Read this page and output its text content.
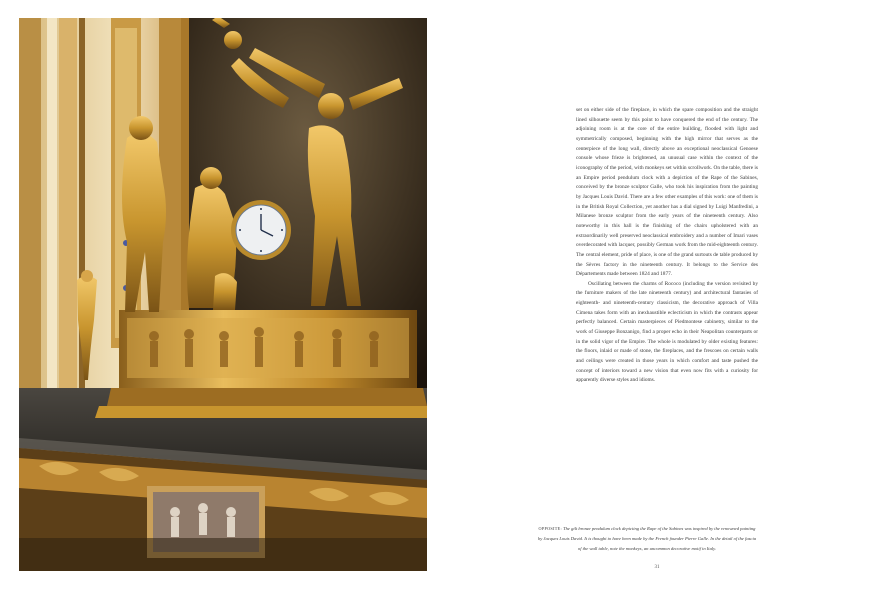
set on either side of the fireplace, in which the spare composition and the straight lined silhouette seem by this point to have conquered the end of the century. The adjoining room is at the core of the entire building, flooded with light and symmetrically composed, beginning with the high mirror that serves as the centerpiece of the long wall, directly above an exceptional neoclassical Genoese console whose frieze is brightened, an unusual case within the context of the iconography of the period, with monkeys set within scrollwork. On the table, there is an Empire period pendulum clock with a depiction of the Rape of the Sabines, conceived by the bronze sculptor Galle, who took his inspiration from the painting by Jacques Louis David. There are a few other examples of this work: one of them is in the British Royal Collection, yet another has a dial signed by Luigi Manfredini, a Milanese bronze sculptor from the early years of the nineteenth century. Also noteworthy in this hall is the finishing of the chairs upholstered with an extraordinarily well preserved neoclassical embroidery and a number of Imari vases overdecorated with lacquer, possibly German work from the mid-eighteenth century. The central element, pride of place, is one of the grand surtouts de table produced by the Sèvres factory in the nineteenth century. It belongs to the Service des Départements made between 1824 and 1877.

Oscillating between the charms of Rococo (including the version revisited by the furniture makers of the late nineteenth century) and architectural fantasies of eighteenth- and nineteenth-century classicism, the decorative approach of Villa Cimena takes form with an inexhaustible eclecticism in which the contrasts appear perfectly balanced. Certain masterpieces of Piedmontese cabinetry, similar to the work of Giuseppe Bonzanigo, find a proper echo in their Neapolitan counterparts or in the solid vigor of the Empire. The whole is modulated by older existing features: the floors, inlaid or made of stone, the fireplaces, and the frescoes on certain walls and ceilings were created in those years in which comfort and taste pushed the concept of interiors toward a new vision that even now fits with a curiosity for apparently diverse styles and idioms.

OPPOSITE: The gilt bronze pendulum clock depicting the Rape of the Sabines was inspired by the renowned painting by Jacques Louis David. It is thought to have been made by the French founder Pierre Galle. In the detail of the fascia of the wall table, note the monkeys, an uncommon decorative motif in Italy.
31
